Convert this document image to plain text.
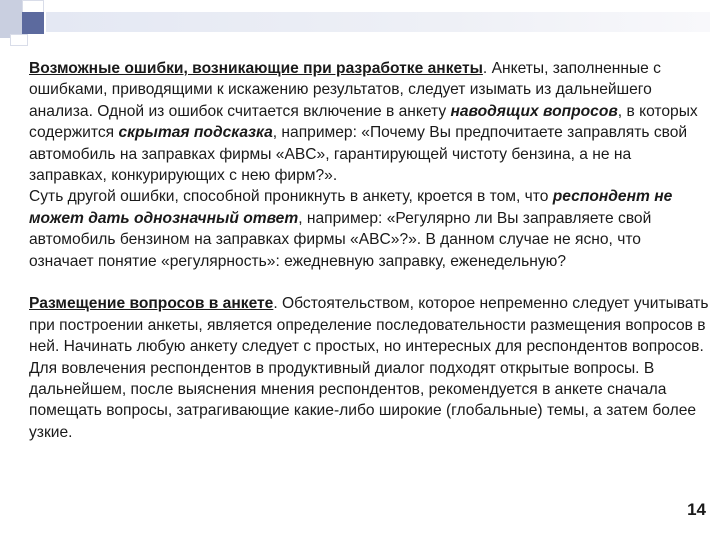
Возможные ошибки, возникающие при разработке анкеты. Анкеты, заполненные с ошибками, приводящими к искажению результатов, следует изымать из дальнейшего анализа. Одной из ошибок считается включение в анкету наводящих вопросов, в которых содержится скрытая подсказка, например: «Почему Вы предпочитаете заправлять свой автомобиль на заправках фирмы «ABC», гарантирующей чистоту бензина, а не на заправках, конкурирующих с нею фирм?».

Суть другой ошибки, способной проникнуть в анкету, кроется в том, что респондент не может дать однозначный ответ, например: «Регулярно ли Вы заправляете свой автомобиль бензином на заправках фирмы «ABC»?». В данном случае не ясно, что означает понятие «регулярность»: ежедневную заправку, еженедельную?

Размещение вопросов в анкете. Обстоятельством, которое непременно следует учитывать при построении анкеты, является определение последовательности размещения вопросов в ней. Начинать любую анкету следует с простых, но интересных для респондентов вопросов. Для вовлечения респондентов в продуктивный диалог подходят открытые вопросы. В дальнейшем, после выяснения мнения респондентов, рекомендуется в анкете сначала помещать вопросы, затрагивающие какие-либо широкие (глобальные) темы, а затем более узкие.

14
